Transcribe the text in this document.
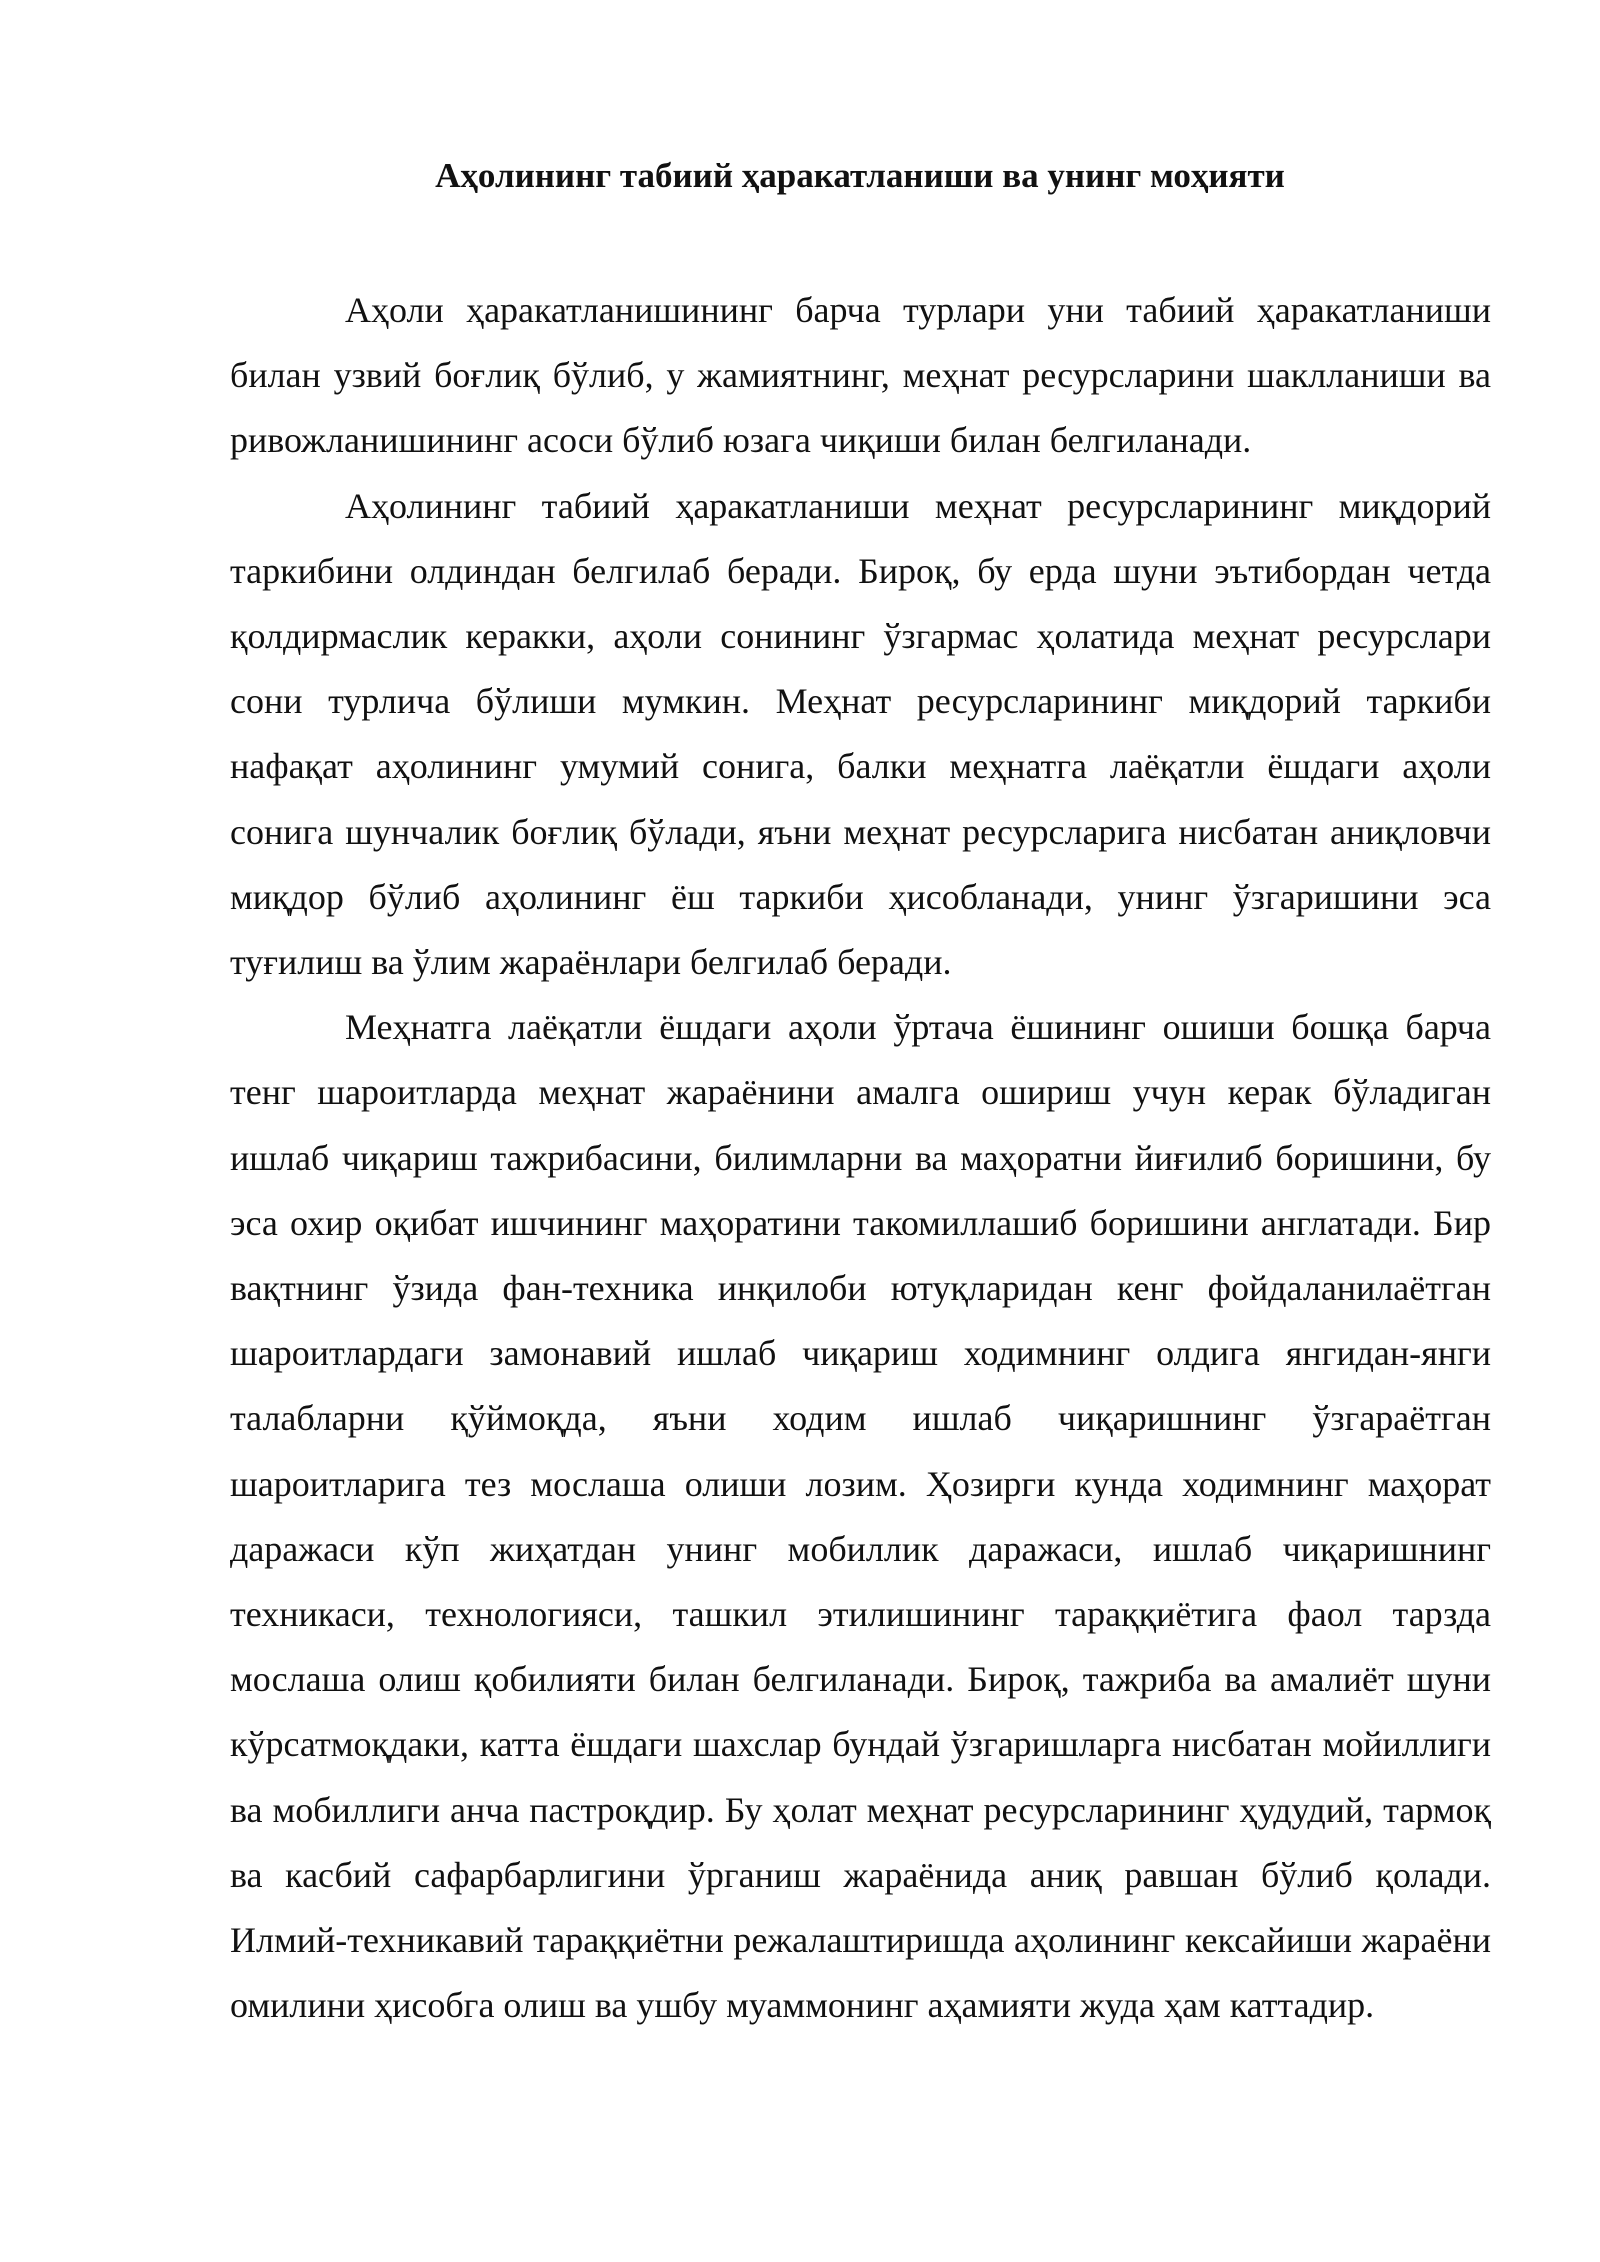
Аҳолининг табиий ҳаракатланиши ва унинг моҳияти

Аҳоли ҳаракатланишининг барча турлари уни табиий ҳаракатланиши билан узвий боғлиқ бўлиб, у жамиятнинг, меҳнат ресурсларини шаклланиши ва ривожланишининг асоси бўлиб юзага чиқиши билан белгиланади.

Аҳолининг табиий ҳаракатланиши меҳнат ресурсларининг миқдорий таркибини олдиндан белгилаб беради. Бироқ, бу ерда шуни эътибордан четда қолдирмаслик керакки, аҳоли сонининг ўзгармас ҳолатида меҳнат ресурслари сони турлича бўлиши мумкин. Меҳнат ресурсларининг миқдорий таркиби нафақат аҳолининг умумий сонига, балки меҳнатга лаёқатли ёшдаги аҳоли сонига шунчалик боғлиқ бўлади, яъни меҳнат ресурсларига нисбатан аниқловчи миқдор бўлиб аҳолининг ёш таркиби ҳисобланади, унинг ўзгаришини эса туғилиш ва ўлим жараёнлари белгилаб беради.

Меҳнатга лаёқатли ёшдаги аҳоли ўртача ёшининг ошиши бошқа барча тенг шароитларда меҳнат жараёнини амалга ошириш учун керак бўладиган ишлаб чиқариш тажрибасини, билимларни ва маҳоратни йиғилиб боришини, бу эса охир оқибат ишчининг маҳоратини такомиллашиб боришини англатади. Бир вақтнинг ўзида фан-техника инқилоби ютуқларидан кенг фойдаланилаётган шароитлардаги замонавий ишлаб чиқариш ходимнинг олдига янгидан-янги талабларни қўймоқда, яъни ходим ишлаб чиқаришнинг ўзгараётган шароитларига тез мослаша олиши лозим. Ҳозирги кунда ходимнинг маҳорат даражаси кўп жиҳатдан унинг мобиллик даражаси, ишлаб чиқаришнинг техникаси, технологияси, ташкил этилишининг тараққиётига фаол тарзда мослаша олиш қобилияти билан белгиланади. Бироқ, тажриба ва амалиёт шуни кўрсатмоқдаки, катта ёшдаги шахслар бундай ўзгаришларга нисбатан мойиллиги ва мобиллиги анча пастроқдир. Бу ҳолат меҳнат ресурсларининг ҳудудий, тармоқ ва касбий сафарбарлигини ўрганиш жараёнида аниқ равшан бўлиб қолади. Илмий-техникавий тараққиётни режалаштиришда аҳолининг кексайиши жараёни омилини ҳисобга олиш ва ушбу муаммонинг аҳамияти жуда ҳам каттадир.
